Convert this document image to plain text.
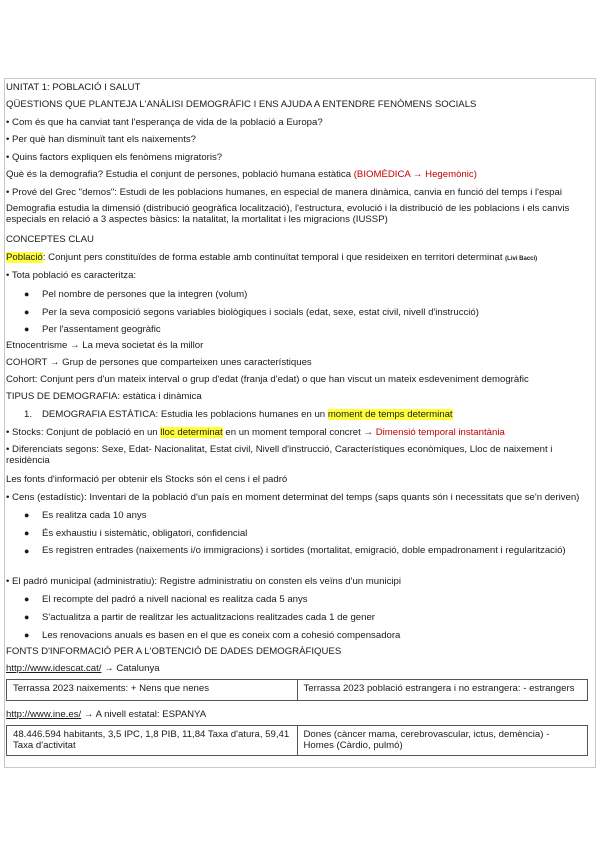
UNITAT 1: POBLACIÓ I SALUT
QÜESTIONS QUE PLANTEJA L'ANÀLISI DEMOGRÀFIC I ENS AJUDA A ENTENDRE FENÒMENS SOCIALS
• Com és que ha canviat tant l'esperança de vida de la població a Europa?
• Per què han disminuït tant els naixements?
• Quins factors expliquen els fenòmens migratoris?
Què és la demografia? Estudia el conjunt de persones, població humana estàtica (BIOMÈDICA → Hegemònic)
• Prové del Grec "demos": Estudi de les poblacions humanes, en especial de manera dinàmica, canvia en funció del temps i l'espai
Demografia estudia la dimensió (distribució geogràfica localització), l'estructura, evolució i la distribució de les poblacions i els canvis especials en relació a 3 aspectes bàsics: la natalitat, la mortalitat i les migracions (IUSSP)
CONCEPTES CLAU
Població: Conjunt pers constituïdes de forma estable amb continuïtat temporal i que resideixen en territori determinat (Livi Bacci)
• Tota població es caracteritza:
● Pel nombre de persones que la integren (volum)
● Per la seva composició segons variables biològiques i socials (edat, sexe, estat civil, nivell d'instrucció)
● Per l'assentament geogràfic
Etnocentrisme → La meva societat és la millor
COHORT → Grup de persones que comparteixen unes característiques
Cohort: Conjunt pers d'un mateix interval o grup d'edat (franja d'edat) o que han viscut un mateix esdeveniment demogràfic
TIPUS DE DEMOGRAFIA: estàtica i dinàmica
1. DEMOGRAFIA ESTÀTICA: Estudia les poblacions humanes en un moment de temps determinat
• Stocks: Conjunt de població en un lloc determinat en un moment temporal concret → Dimensió temporal instantània
• Diferenciats segons: Sexe, Edat- Nacionalitat, Estat civil, Nivell d'instrucció, Característiques econòmiques, Lloc de naixement i residència
Les fonts d'informació per obtenir els Stocks són el cens i el padró
• Cens (estadístic): Inventari de la població d'un país en moment determinat del temps (saps quants són i necessitats que se'n deriven)
● Es realitza cada 10 anys
● És exhaustiu i sistemàtic, obligatori, confidencial
● Es registren entrades (naixements i/o immigracions) i sortides (mortalitat, emigració, doble empadronament i regularització)
• El padró municipal (administratiu): Registre administratiu on consten els veïns d'un municipi
● El recompte del padró a nivell nacional es realitza cada 5 anys
● S'actualitza a partir de realitzar les actualitzacions realitzades cada 1 de gener
● Les renovacions anuals es basen en el que es coneix com a cohesió compensadora
FONTS D'INFORMACIÓ PER A L'OBTENCIÓ DE DADES DEMOGRÀFIQUES
http://www.idescat.cat/ → Catalunya
Terrassa 2023 naixements: + Nens que nenes	Terrassa 2023 població estrangera i no estrangera: - estrangers
http://www.ine.es/ → A nivell estatal: ESPANYA
48.446.594 habitants, 3,5 IPC, 1,8 PIB, 11,84 Taxa d'atura, 59,41 Taxa d'activitat	Dones (càncer mama, cerebrovascular, ictus, demència) - Homes (Càrdio, pulmó)
